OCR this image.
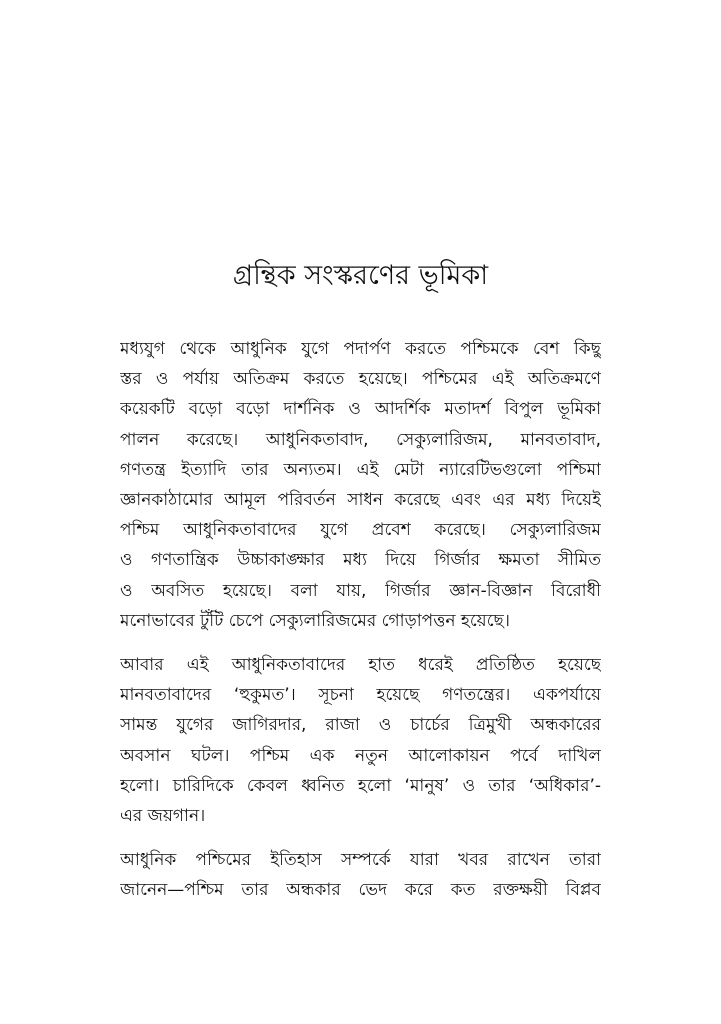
গ্রন্থিক সংস্করণের ভূমিকা
মধ্যযুগ থেকে আধুনিক যুগে পদার্পণ করতে পশ্চিমকে বেশ কিছু
স্তর ও পর্যায় অতিক্রম করতে হয়েছে। পশ্চিমের এই অতিক্রমণে
কয়েকটি বড়ো বড়ো দার্শনিক ও আদর্শিক মতাদর্শ বিপুল ভূমিকা
পালন করেছে। আধুনিকতাবাদ, সেক্যুলারিজম, মানবতাবাদ,
গণতন্ত্র ইত্যাদি তার অন্যতম। এই মেটা ন্যারেটিভগুলো পশ্চিমা
জ্ঞানকাঠামোর আমূল পরিবর্তন সাধন করেছে এবং এর মধ্য দিয়েই
পশ্চিম আধুনিকতাবাদের যুগে প্রবেশ করেছে। সেক্যুলারিজম
ও গণতান্ত্রিক উচ্চাকাঙ্ক্ষার মধ্য দিয়ে গির্জার ক্ষমতা সীমিত
ও অবসিত হয়েছে। বলা যায়, গির্জার জ্ঞান-বিজ্ঞান বিরোধী
মনোভাবের টুঁটি চেপে সেক্যুলারিজমের গোড়াপত্তন হয়েছে।
আবার এই আধুনিকতাবাদের হাত ধরেই প্রতিষ্ঠিত হয়েছে
মানবতাবাদের ‘হুকুমত’। সূচনা হয়েছে গণতন্ত্রের। একপর্যায়ে
সামন্ত যুগের জাগিরদার, রাজা ও চার্চের ত্রিমুখী অন্ধকারের
অবসান ঘটল। পশ্চিম এক নতুন আলোকায়ন পর্বে দাখিল
হলো। চারিদিকে কেবল ধ্বনিত হলো ‘মানুষ’ ও তার ‘অধিকার’-
এর জয়গান।
আধুনিক পশ্চিমের ইতিহাস সম্পর্কে যারা খবর রাখেন তারা
জানেন—পশ্চিম তার অন্ধকার ভেদ করে কত রক্তক্ষয়ী বিপ্লব
